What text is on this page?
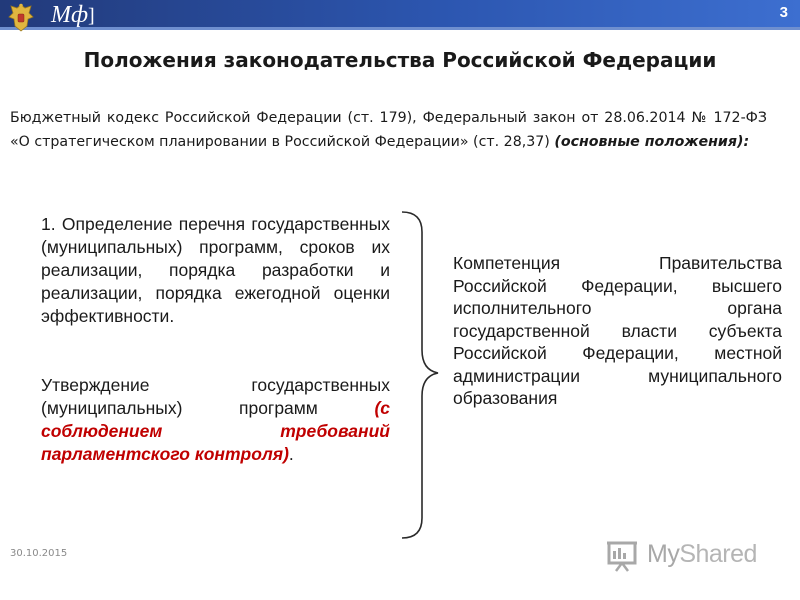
Мф]	3
Положения законодательства Российской Федерации
Бюджетный кодекс Российской Федерации (ст. 179), Федеральный закон от 28.06.2014 № 172-ФЗ «О стратегическом планировании в Российской Федерации» (ст. 28,37) (основные положения):

1. Определение перечня государственных (муниципальных) программ, сроков их реализации, порядка разработки и реализации, порядка ежегодной оценки эффективности.

Утверждение государственных (муниципальных) программ (с соблюдением требований парламентского контроля).

Компетенция Правительства Российской Федерации, высшего исполнительного органа государственной власти субъекта Российской Федерации, местной администрации муниципального образования
30.10.2015	MyShared
